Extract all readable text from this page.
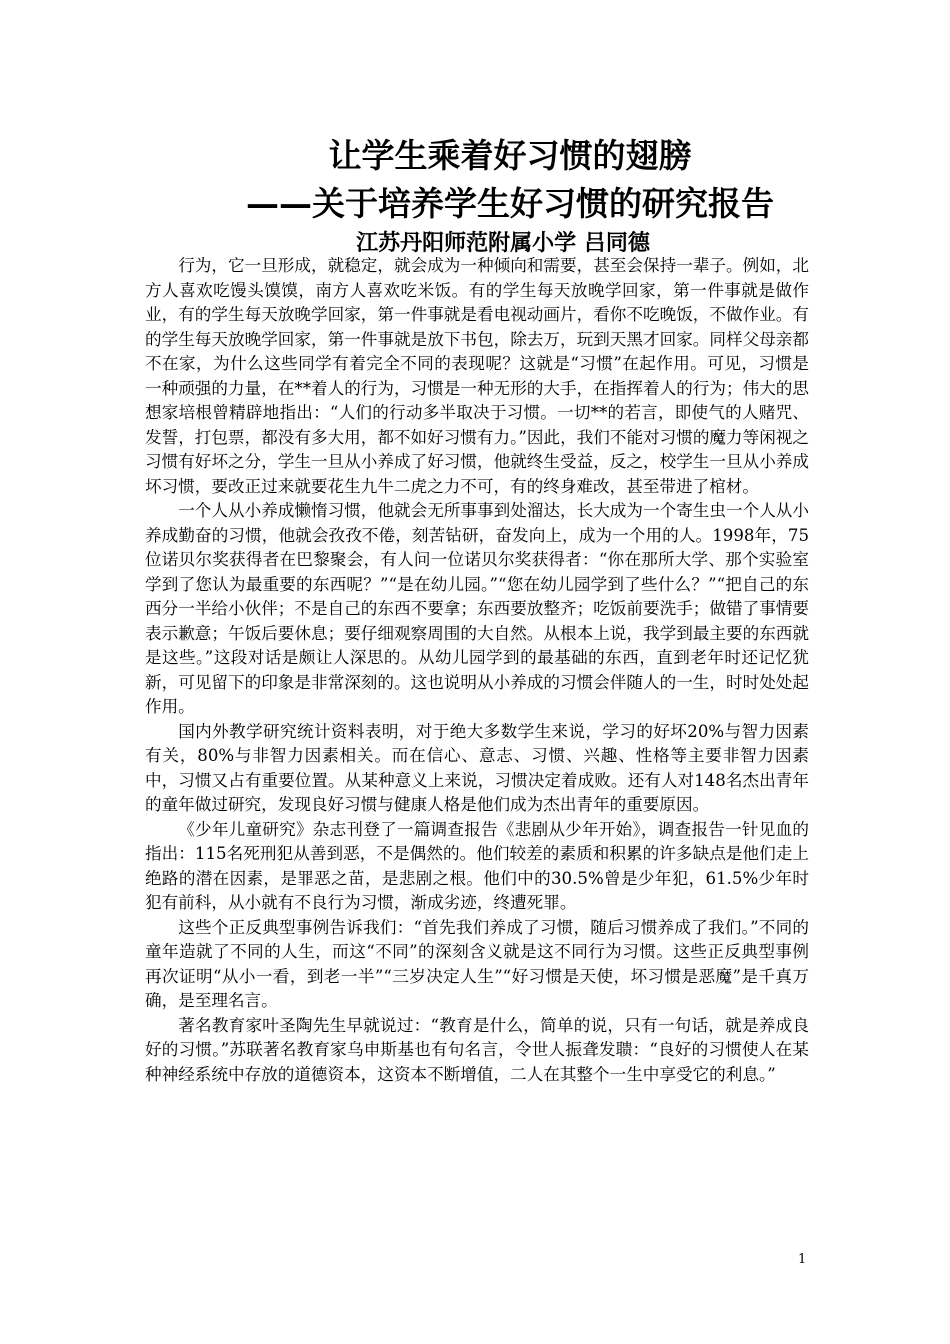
让学生乘着好习惯的翅膀
——关于培养学生好习惯的研究报告
江苏丹阳师范附属小学 吕同德

行为，它一旦形成，就稳定，就会成为一种倾向和需要，甚至会保持一辈子。例如，北方人喜欢吃馒头馍馍，南方人喜欢吃米饭。有的学生每天放晚学回家，第一件事就是做作业，有的学生每天放晚学回家，第一件事就是看电视动画片，看你不吃晚饭，不做作业。有的学生每天放晚学回家，第一件事就是放下书包，除去万，玩到天黑才回家。同样父母亲都不在家，为什么这些同学有着完全不同的表现呢？这就是“习惯”在起作用。可见，习惯是一种顽强的力量，在**着人的行为，习惯是一种无形的大手，在指挥着人的行为；伟大的思想家培根曾精辟地指出：“人们的行动多半取决于习惯。一切**的若言，即使气的人赌咒、发誓，打包票，都没有多大用，都不如好习惯有力。”因此，我们不能对习惯的魔力等闲视之习惯有好坏之分，学生一旦从小养成了好习惯，他就终生受益，反之，校学生一旦从小养成坏习惯，要改正过来就要花生九牛二虎之力不可，有的终身难改，甚至带进了棺材。

一个人从小养成懒惰习惯，他就会无所事事到处溜达，长大成为一个寄生虫一个人从小养成勤奋的习惯，他就会孜孜不倦，刻苦钻研，奋发向上，成为一个用的人。1998年，75位诺贝尔奖获得者在巴黎聚会，有人问一位诺贝尔奖获得者：“你在那所大学、那个实验室学到了您认为最重要的东西呢？”“是在幼儿园。”“您在幼儿园学到了些什么？”“把自己的东西分一半给小伙伴；不是自己的东西不要拿；东西要放整齐；吃饭前要洗手；做错了事情要表示歉意；午饭后要休息；要仔细观察周围的大自然。从根本上说，我学到最主要的东西就是这些。”这段对话是颇让人深思的。从幼儿园学到的最基础的东西，直到老年时还记忆犹新，可见留下的印象是非常深刻的。这也说明从小养成的习惯会伴随人的一生，时时处处起作用。

国内外教学研究统计资料表明，对于绝大多数学生来说，学习的好坏20%与智力因素有关，80%与非智力因素相关。而在信心、意志、习惯、兴趣、性格等主要非智力因素中，习惯又占有重要位置。从某种意义上来说，习惯决定着成败。还有人对148名杰出青年的童年做过研究，发现良好习惯与健康人格是他们成为杰出青年的重要原因。

《少年儿童研究》杂志刊登了一篇调查报告《悲剧从少年开始》，调查报告一针见血的指出：115名死刑犯从善到恶，不是偶然的。他们较差的素质和积累的许多缺点是他们走上绝路的潜在因素，是罪恶之苗，是悲剧之根。他们中的30.5%曾是少年犯，61.5%少年时犯有前科，从小就有不良行为习惯，渐成劣迹，终遭死罪。

这些个正反典型事例告诉我们：“首先我们养成了习惯，随后习惯养成了我们。”不同的童年造就了不同的人生，而这“不同”的深刻含义就是这不同行为习惯。这些正反典型事例再次证明“从小一看，到老一半”“三岁决定人生”“好习惯是天使，坏习惯是恶魔”是千真万确，是至理名言。

著名教育家叶圣陶先生早就说过：“教育是什么，简单的说，只有一句话，就是养成良好的习惯。”苏联著名教育家乌申斯基也有句名言，令世人振聋发聩：“良好的习惯使人在某种神经系统中存放的道德资本，这资本不断增值，二人在其整个一生中享受它的利息。”

1
